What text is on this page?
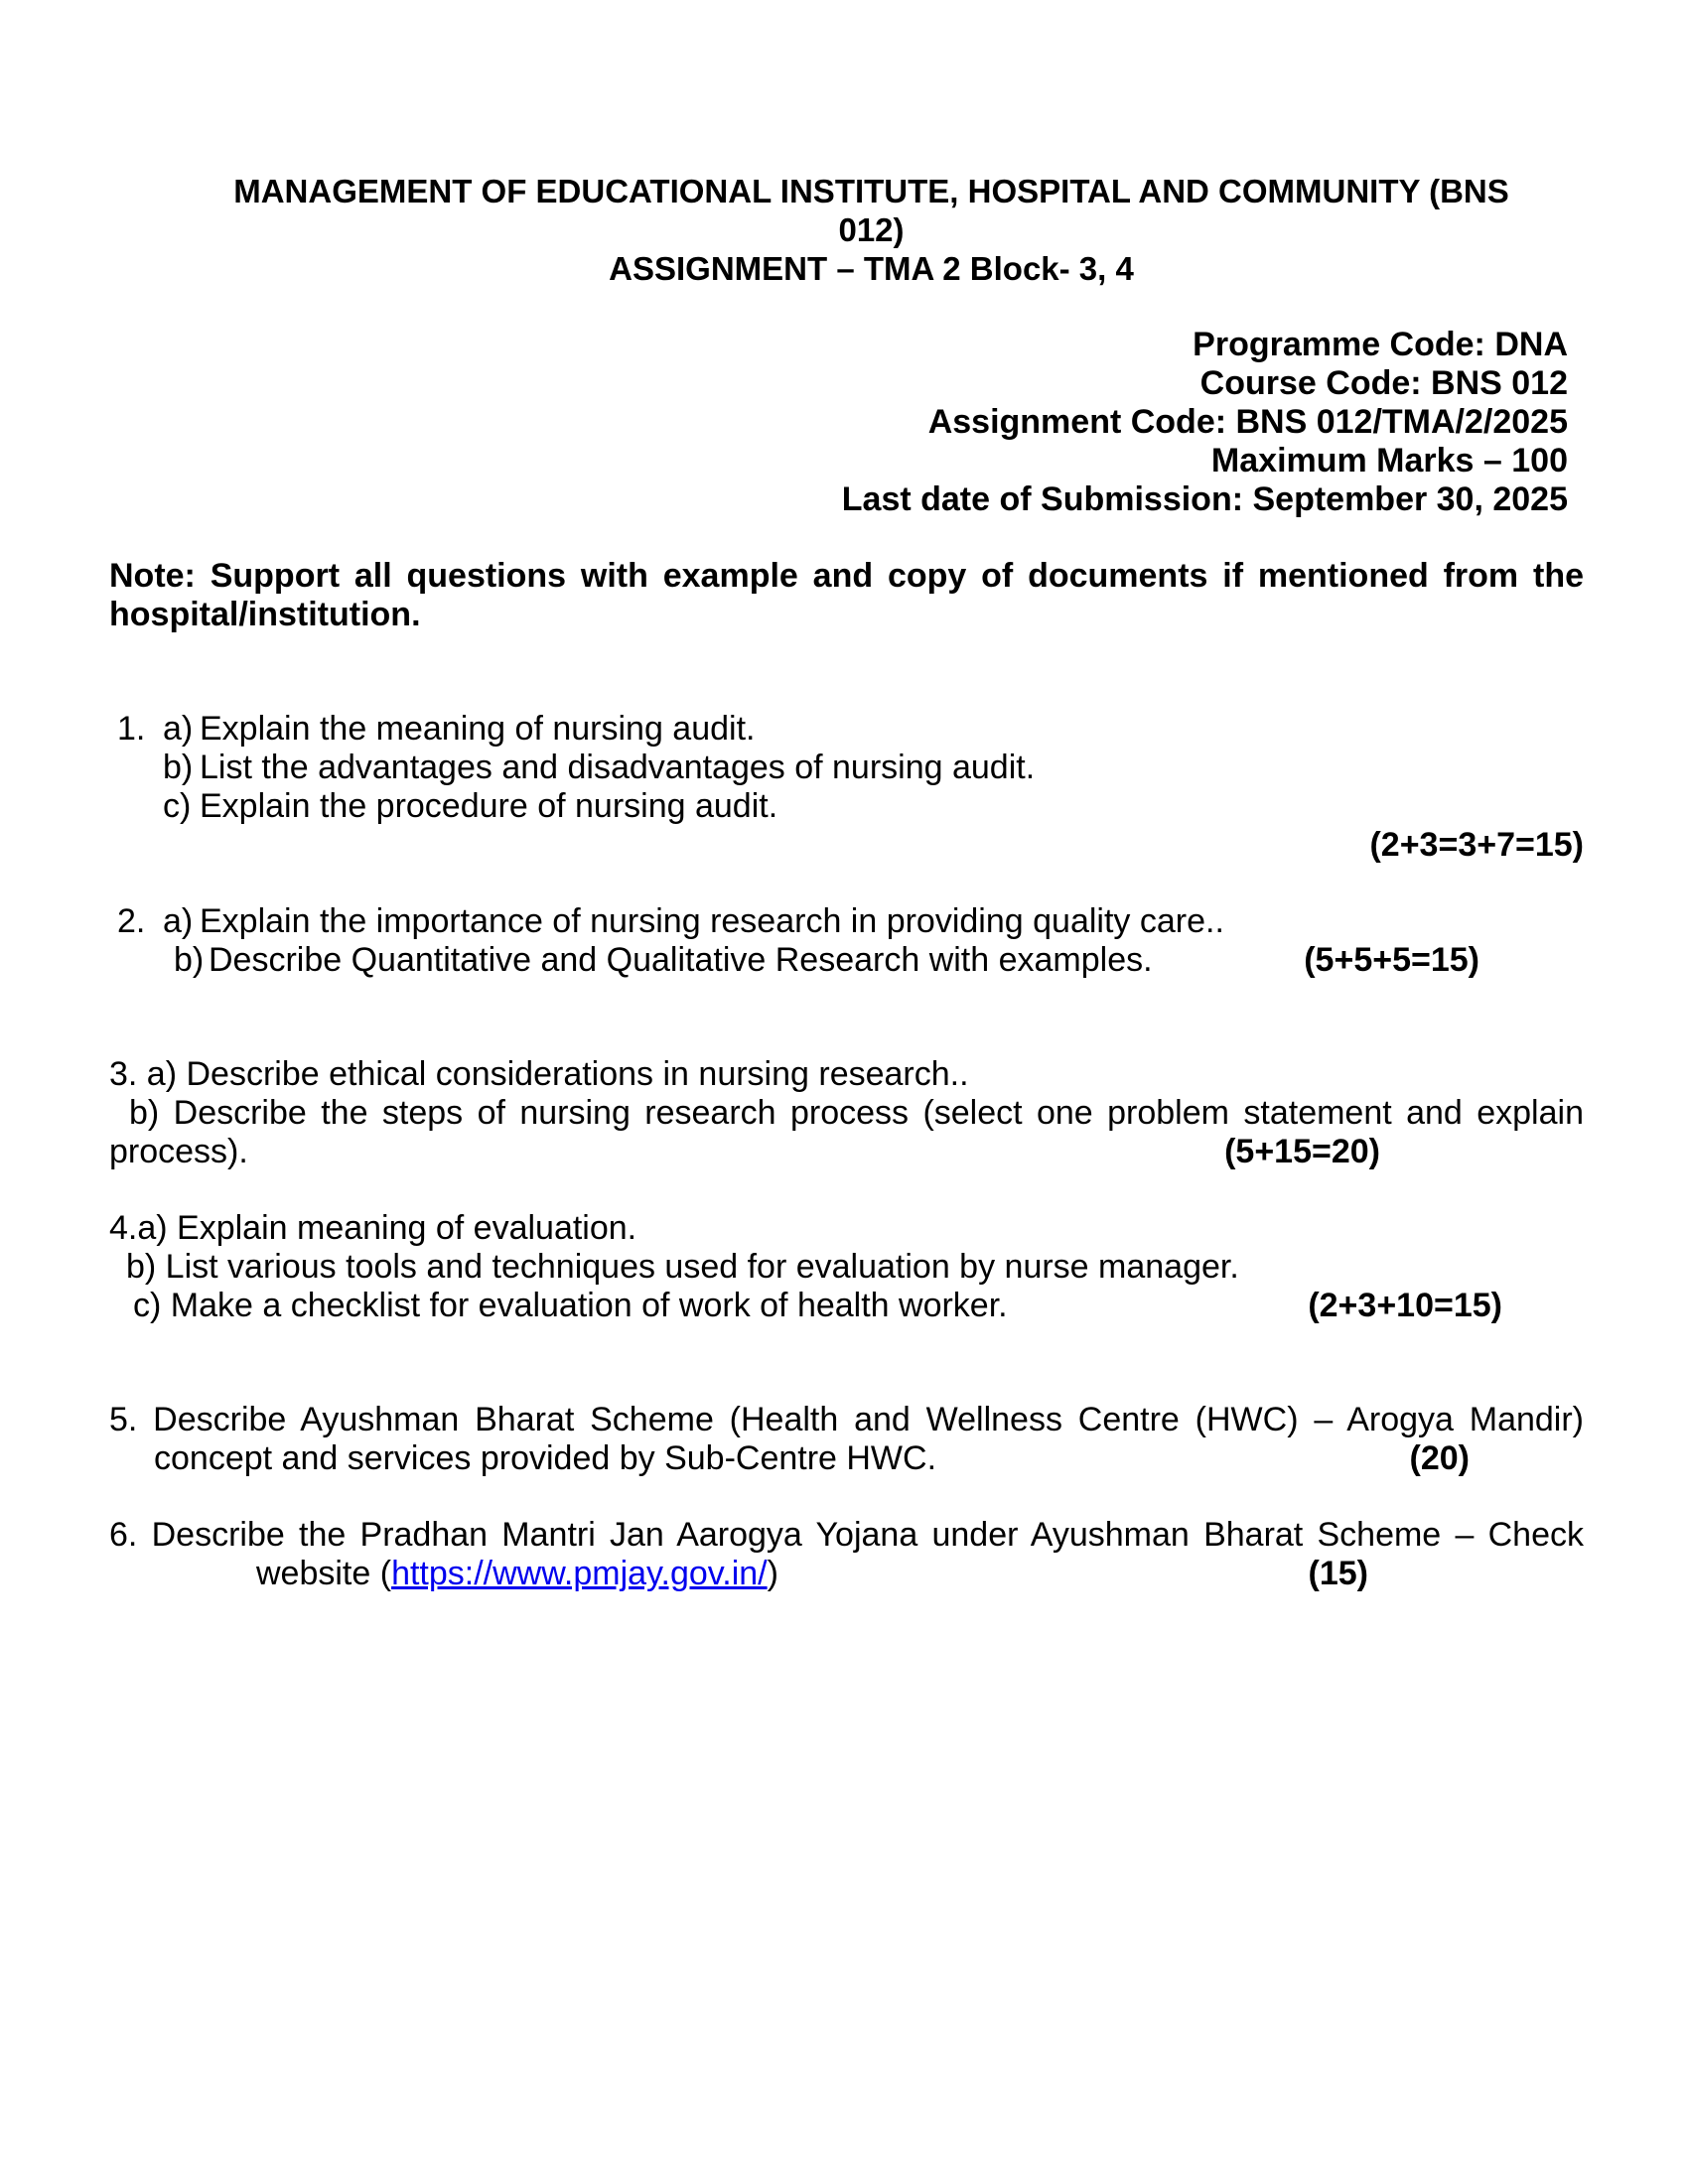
MANAGEMENT OF EDUCATIONAL INSTITUTE, HOSPITAL AND COMMUNITY (BNS
012)
ASSIGNMENT – TMA 2 Block- 3, 4
Programme Code: DNA
Course Code: BNS 012
Assignment Code: BNS 012/TMA/2/2025
Maximum Marks – 100
Last date of Submission: September 30, 2025
Note: Support all questions with example and copy of documents if mentioned from the
hospital/institution.
1. a) Explain the meaning of nursing audit.
b) List the advantages and disadvantages of nursing audit.
c) Explain the procedure of nursing audit.
(2+3=3+7=15)
2. a) Explain the importance of nursing research in providing quality care..
b) Describe Quantitative and Qualitative Research with examples.	(5+5+5=15)
3. a) Describe ethical considerations in nursing research..
b) Describe the steps of nursing research process (select one problem statement and explain
process).	(5+15=20)
4.a) Explain meaning of evaluation.
b) List various tools and techniques used for evaluation by nurse manager.
c) Make a checklist for evaluation of work of health worker.	(2+3+10=15)
5. Describe Ayushman Bharat Scheme (Health and Wellness Centre (HWC) – Arogya Mandir)
concept and services provided by Sub-Centre HWC.	(20)
6. Describe the Pradhan Mantri Jan Aarogya Yojana under Ayushman Bharat Scheme – Check
website ( https://www.pmjay.gov.in/ )	(15)
